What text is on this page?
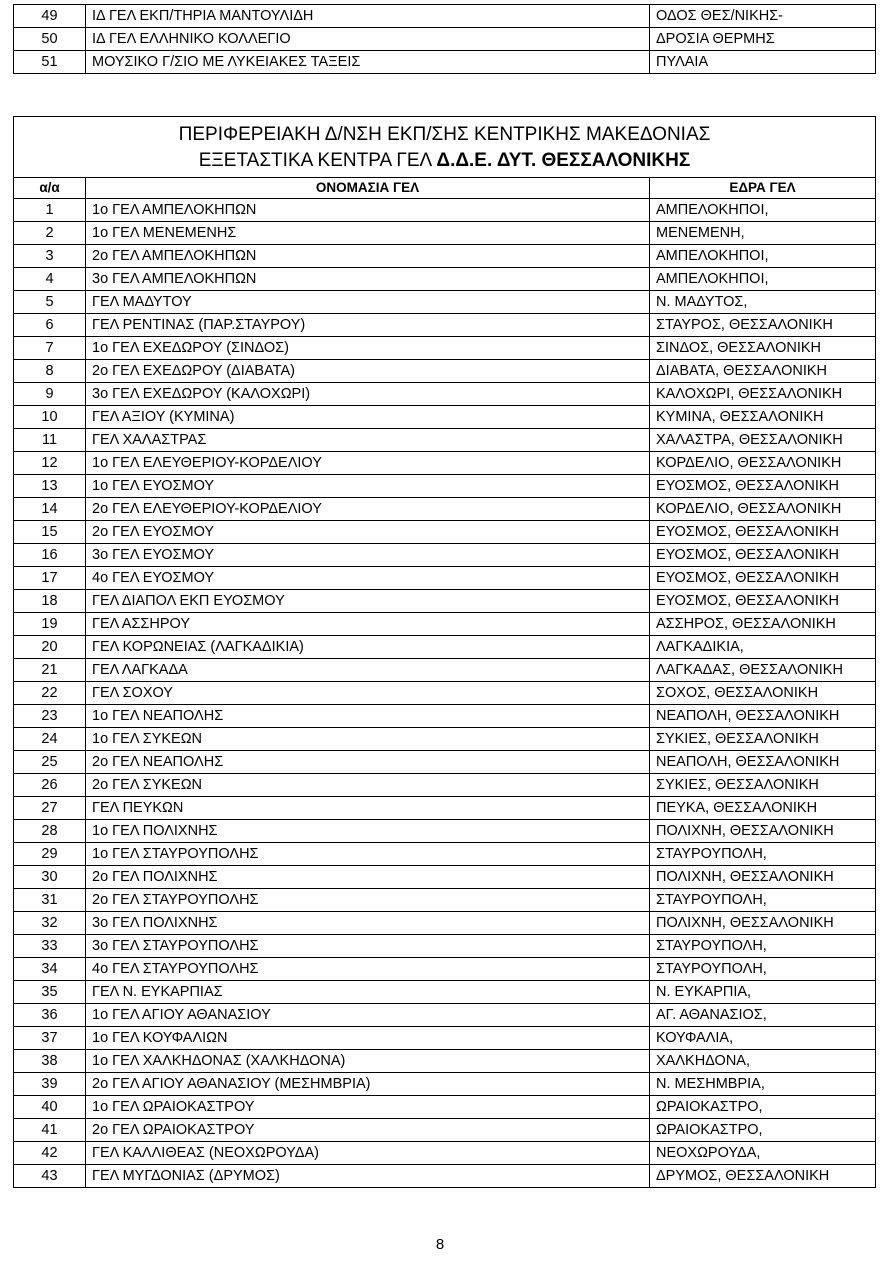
49	ΙΔ ΓΕΛ ΕΚΠ/ΤΗΡΙΑ ΜΑΝΤΟΥΛΙΔΗ	ΟΔΟΣ ΘΕΣ/ΝΙΚΗΣ-
50	ΙΔ ΓΕΛ ΕΛΛΗΝΙΚΟ ΚΟΛΛΕΓΙΟ	ΔΡΟΣΙΑ ΘΕΡΜΗΣ
51	ΜΟΥΣΙΚΟ Γ/ΣΙΟ ΜΕ ΛΥΚΕΙΑΚΕΣ ΤΑΞΕΙΣ	ΠΥΛΑΙΑ
ΠΕΡΙΦΕΡΕΙΑΚΗ Δ/ΝΣΗ ΕΚΠ/ΣΗΣ ΚΕΝΤΡΙΚΗΣ ΜΑΚΕΔΟΝΙΑΣ
ΕΞΕΤΑΣΤΙΚΑ ΚΕΝΤΡΑ ΓΕΛ Δ.Δ.Ε. ΔΥΤ. ΘΕΣΣΑΛΟΝΙΚΗΣ		

α/α	ΟΝΟΜΑΣΙΑ ΓΕΛ	ΕΔΡΑ ΓΕΛ
1	1ο ΓΕΛ ΑΜΠΕΛΟΚΗΠΩΝ	ΑΜΠΕΛΟΚΗΠΟΙ,
2	1ο ΓΕΛ ΜΕΝΕΜΕΝΗΣ	ΜΕΝΕΜΕΝΗ,
3	2ο ΓΕΛ ΑΜΠΕΛΟΚΗΠΩΝ	ΑΜΠΕΛΟΚΗΠΟΙ,
4	3ο ΓΕΛ ΑΜΠΕΛΟΚΗΠΩΝ	ΑΜΠΕΛΟΚΗΠΟΙ,
5	ΓΕΛ ΜΑΔΥΤΟΥ	Ν. ΜΑΔΥΤΟΣ,
6	ΓΕΛ ΡΕΝΤΙΝΑΣ (ΠΑΡ.ΣΤΑΥΡΟΥ)	ΣΤΑΥΡΟΣ, ΘΕΣΣΑΛΟΝΙΚΗ
7	1ο ΓΕΛ ΕΧΕΔΩΡΟΥ (ΣΙΝΔΟΣ)	ΣΙΝΔΟΣ, ΘΕΣΣΑΛΟΝΙΚΗ
8	2ο ΓΕΛ ΕΧΕΔΩΡΟΥ (ΔΙΑΒΑΤΑ)	ΔΙΑΒΑΤΑ, ΘΕΣΣΑΛΟΝΙΚΗ
9	3ο ΓΕΛ ΕΧΕΔΩΡΟΥ (ΚΑΛΟΧΩΡΙ)	ΚΑΛΟΧΩΡΙ, ΘΕΣΣΑΛΟΝΙΚΗ
10	ΓΕΛ ΑΞΙΟΥ (ΚΥΜΙΝΑ)	ΚΥΜΙΝΑ, ΘΕΣΣΑΛΟΝΙΚΗ
11	ΓΕΛ ΧΑΛΑΣΤΡΑΣ	ΧΑΛΑΣΤΡΑ, ΘΕΣΣΑΛΟΝΙΚΗ
12	1ο ΓΕΛ ΕΛΕΥΘΕΡΙΟΥ-ΚΟΡΔΕΛΙΟΥ	ΚΟΡΔΕΛΙΟ, ΘΕΣΣΑΛΟΝΙΚΗ
13	1ο ΓΕΛ ΕΥΟΣΜΟΥ	ΕΥΟΣΜΟΣ, ΘΕΣΣΑΛΟΝΙΚΗ
14	2ο ΓΕΛ ΕΛΕΥΘΕΡΙΟΥ-ΚΟΡΔΕΛΙΟΥ	ΚΟΡΔΕΛΙΟ, ΘΕΣΣΑΛΟΝΙΚΗ
15	2ο ΓΕΛ ΕΥΟΣΜΟΥ	ΕΥΟΣΜΟΣ, ΘΕΣΣΑΛΟΝΙΚΗ
16	3ο ΓΕΛ ΕΥΟΣΜΟΥ	ΕΥΟΣΜΟΣ, ΘΕΣΣΑΛΟΝΙΚΗ
17	4ο ΓΕΛ ΕΥΟΣΜΟΥ	ΕΥΟΣΜΟΣ, ΘΕΣΣΑΛΟΝΙΚΗ
18	ΓΕΛ ΔΙΑΠΟΛ ΕΚΠ ΕΥΟΣΜΟΥ	ΕΥΟΣΜΟΣ, ΘΕΣΣΑΛΟΝΙΚΗ
19	ΓΕΛ ΑΣΣΗΡΟΥ	ΑΣΣΗΡΟΣ, ΘΕΣΣΑΛΟΝΙΚΗ
20	ΓΕΛ ΚΟΡΩΝΕΙΑΣ (ΛΑΓΚΑΔΙΚΙΑ)	ΛΑΓΚΑΔΙΚΙΑ,
21	ΓΕΛ ΛΑΓΚΑΔΑ	ΛΑΓΚΑΔΑΣ, ΘΕΣΣΑΛΟΝΙΚΗ
22	ΓΕΛ ΣΟΧΟΥ	ΣΟΧΟΣ, ΘΕΣΣΑΛΟΝΙΚΗ
23	1ο ΓΕΛ ΝΕΑΠΟΛΗΣ	ΝΕΑΠΟΛΗ, ΘΕΣΣΑΛΟΝΙΚΗ
24	1ο ΓΕΛ ΣΥΚΕΩΝ	ΣΥΚΙΕΣ, ΘΕΣΣΑΛΟΝΙΚΗ
25	2ο ΓΕΛ ΝΕΑΠΟΛΗΣ	ΝΕΑΠΟΛΗ, ΘΕΣΣΑΛΟΝΙΚΗ
26	2ο ΓΕΛ ΣΥΚΕΩΝ	ΣΥΚΙΕΣ, ΘΕΣΣΑΛΟΝΙΚΗ
27	ΓΕΛ ΠΕΥΚΩΝ	ΠΕΥΚΑ, ΘΕΣΣΑΛΟΝΙΚΗ
28	1ο ΓΕΛ ΠΟΛΙΧΝΗΣ	ΠΟΛΙΧΝΗ, ΘΕΣΣΑΛΟΝΙΚΗ
29	1ο ΓΕΛ ΣΤΑΥΡΟΥΠΟΛΗΣ	ΣΤΑΥΡΟΥΠΟΛΗ,
30	2ο ΓΕΛ ΠΟΛΙΧΝΗΣ	ΠΟΛΙΧΝΗ, ΘΕΣΣΑΛΟΝΙΚΗ
31	2ο ΓΕΛ ΣΤΑΥΡΟΥΠΟΛΗΣ	ΣΤΑΥΡΟΥΠΟΛΗ,
32	3ο ΓΕΛ ΠΟΛΙΧΝΗΣ	ΠΟΛΙΧΝΗ, ΘΕΣΣΑΛΟΝΙΚΗ
33	3ο ΓΕΛ ΣΤΑΥΡΟΥΠΟΛΗΣ	ΣΤΑΥΡΟΥΠΟΛΗ,
34	4ο ΓΕΛ ΣΤΑΥΡΟΥΠΟΛΗΣ	ΣΤΑΥΡΟΥΠΟΛΗ,
35	ΓΕΛ Ν. ΕΥΚΑΡΠΙΑΣ	Ν. ΕΥΚΑΡΠΙΑ,
36	1ο ΓΕΛ ΑΓΙΟΥ ΑΘΑΝΑΣΙΟΥ	ΑΓ. ΑΘΑΝΑΣΙΟΣ,
37	1ο ΓΕΛ ΚΟΥΦΑΛΙΩΝ	ΚΟΥΦΑΛΙΑ,
38	1ο ΓΕΛ ΧΑΛΚΗΔΟΝΑΣ (ΧΑΛΚΗΔΟΝΑ)	ΧΑΛΚΗΔΟΝΑ,
39	2ο ΓΕΛ ΑΓΙΟΥ ΑΘΑΝΑΣΙΟΥ (ΜΕΣΗΜΒΡΙΑ)	Ν. ΜΕΣΗΜΒΡΙΑ,
40	1ο ΓΕΛ ΩΡΑΙΟΚΑΣΤΡΟΥ	ΩΡΑΙΟΚΑΣΤΡΟ,
41	2ο ΓΕΛ ΩΡΑΙΟΚΑΣΤΡΟΥ	ΩΡΑΙΟΚΑΣΤΡΟ,
42	ΓΕΛ ΚΑΛΛΙΘΕΑΣ (ΝΕΟΧΩΡΟΥΔΑ)	ΝΕΟΧΩΡΟΥΔΑ,
43	ΓΕΛ ΜΥΓΔΟΝΙΑΣ (ΔΡΥΜΟΣ)	ΔΡΥΜΟΣ, ΘΕΣΣΑΛΟΝΙΚΗ
8
